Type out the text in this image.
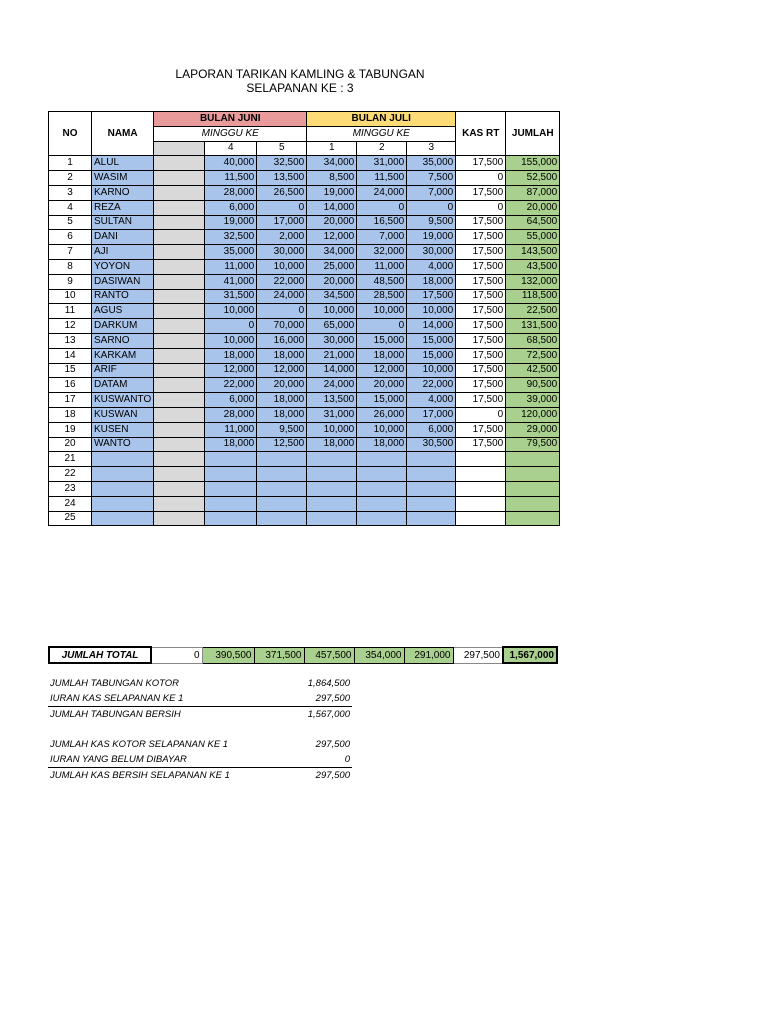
LAPORAN TARIKAN KAMLING & TABUNGAN
SELAPANAN KE : 3
NO	NAMA	BULAN JUNI			BULAN JULI			KAS RT	JUMLAH
		MINGGU KE			MINGGU KE				
			4	5	1	2	3		
1	ALUL		40,000	32,500	34,000	31,000	35,000	17,500	155,000
2	WASIM		11,500	13,500	8,500	11,500	7,500	0	52,500
3	KARNO		28,000	26,500	19,000	24,000	7,000	17,500	87,000
4	REZA		6,000	0	14,000	0	0	0	20,000
5	SULTAN		19,000	17,000	20,000	16,500	9,500	17,500	64,500
6	DANI		32,500	2,000	12,000	7,000	19,000	17,500	55,000
7	AJI		35,000	30,000	34,000	32,000	30,000	17,500	143,500
8	YOYON		11,000	10,000	25,000	11,000	4,000	17,500	43,500
9	DASIWAN		41,000	22,000	20,000	48,500	18,000	17,500	132,000
10	RANTO		31,500	24,000	34,500	28,500	17,500	17,500	118,500
11	AGUS		10,000	0	10,000	10,000	10,000	17,500	22,500
12	DARKUM		0	70,000	65,000	0	14,000	17,500	131,500
13	SARNO		10,000	16,000	30,000	15,000	15,000	17,500	68,500
14	KARKAM		18,000	18,000	21,000	18,000	15,000	17,500	72,500
15	ARIF		12,000	12,000	14,000	12,000	10,000	17,500	42,500
16	DATAM		22,000	20,000	24,000	20,000	22,000	17,500	90,500
17	KUSWANTO		6,000	18,000	13,500	15,000	4,000	17,500	39,000
18	KUSWAN		28,000	18,000	31,000	26,000	17,000	0	120,000
19	KUSEN		11,000	9,500	10,000	10,000	6,000	17,500	29,000
20	WANTO		18,000	12,500	18,000	18,000	30,500	17,500	79,500
21									
22									
23									
24									
25									
JUMLAH TOTAL	0	390,500	371,500	457,500	354,000	291,000	297,500	1,567,000
JUMLAH TABUNGAN KOTOR	1,864,500
IURAN KAS SELAPANAN KE 1	297,500
JUMLAH TABUNGAN BERSIH	1,567,000
JUMLAH KAS KOTOR SELAPANAN KE 1	297,500
IURAN YANG BELUM DIBAYAR	0
JUMLAH KAS BERSIH SELAPANAN KE 1	297,500
